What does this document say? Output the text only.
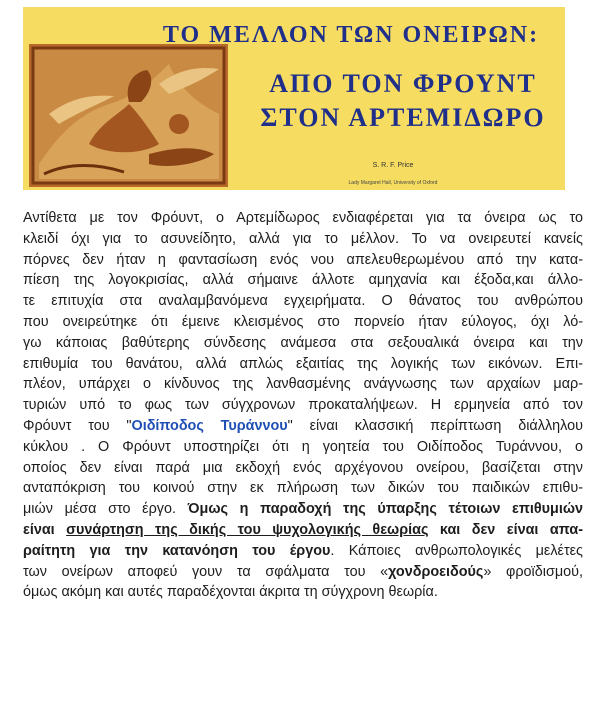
ΤΟ ΜΕΛΛΟΝ ΤΩΝ ΟΝΕΙΡΩΝ:
ΑΠΟ ΤΟΝ ΦΡΟΥΝΤ
ΣΤΟΝ ΑΡΤΕΜΙΔΩΡΟ
S. R. F. Price
Lady Margaret Hall, University of Oxford

Αντίθετα με τον Φρόυντ, ο Αρτεμίδωρος ενδιαφέρεται για τα όνειρα ως το
κλειδί όχι για το ασυνείδητο, αλλά για το μέλλον. Το να ονειρευτεί κανείς
πόρνες δεν ήταν η φαντασίωση ενός νου απελευθερωμένου από την κατα-
πίεση της λογοκρισίας, αλλά σήμαινε άλλοτε αμηχανία και έξοδα,και άλλο-
τε επιτυχία στα αναλαμβανόμενα εγχειρήματα. Ο θάνατος του ανθρώπου
που ονειρεύτηκε ότι έμεινε κλεισμένος στο πορνείο ήταν εύλογος, όχι λό-
γω κάποιας βαθύτερης σύνδεσης ανάμεσα στα σεξουαλικά όνειρα και την
επιθυμία του θανάτου, αλλά απλώς εξαιτίας της λογικής των εικόνων. Επι-
πλέον, υπάρχει ο κίνδυνος της λανθασμένης ανάγνωσης των αρχαίων μαρ-
τυριών υπό το φως των σύγχρονων προκαταλήψεων. Η ερμηνεία από τον
Φρόυντ του "Οιδίποδος Τυράννου" είναι κλασσική περίπτωση διάλληλου
κύκλου . Ο Φρόυντ υποστηρίζει ότι η γοητεία του Οιδίποδος Τυράννου, ο
οποίος δεν είναι παρά μια εκδοχή ενός αρχέγονου ονείρου, βασίζεται στην
ανταπόκριση του κοινού στην εκ πλήρωση των δικών του παιδικών επιθυ-
μιών μέσα στο έργο. Όμως η παραδοχή της ύπαρξης τέτοιων επιθυμιών
είναι συνάρτηση της δικής του ψυχολογικής θεωρίας και δεν είναι απα-
ραίτητη για την κατανόηση του έργου. Κάποιες ανθρωπολογικές μελέτες
των ονείρων αποφεύ γουν τα σφάλματα του «χονδροειδούς» φροϊδισμού,
όμως ακόμη και αυτές παραδέχονται άκριτα τη σύγχρονη θεωρία.
